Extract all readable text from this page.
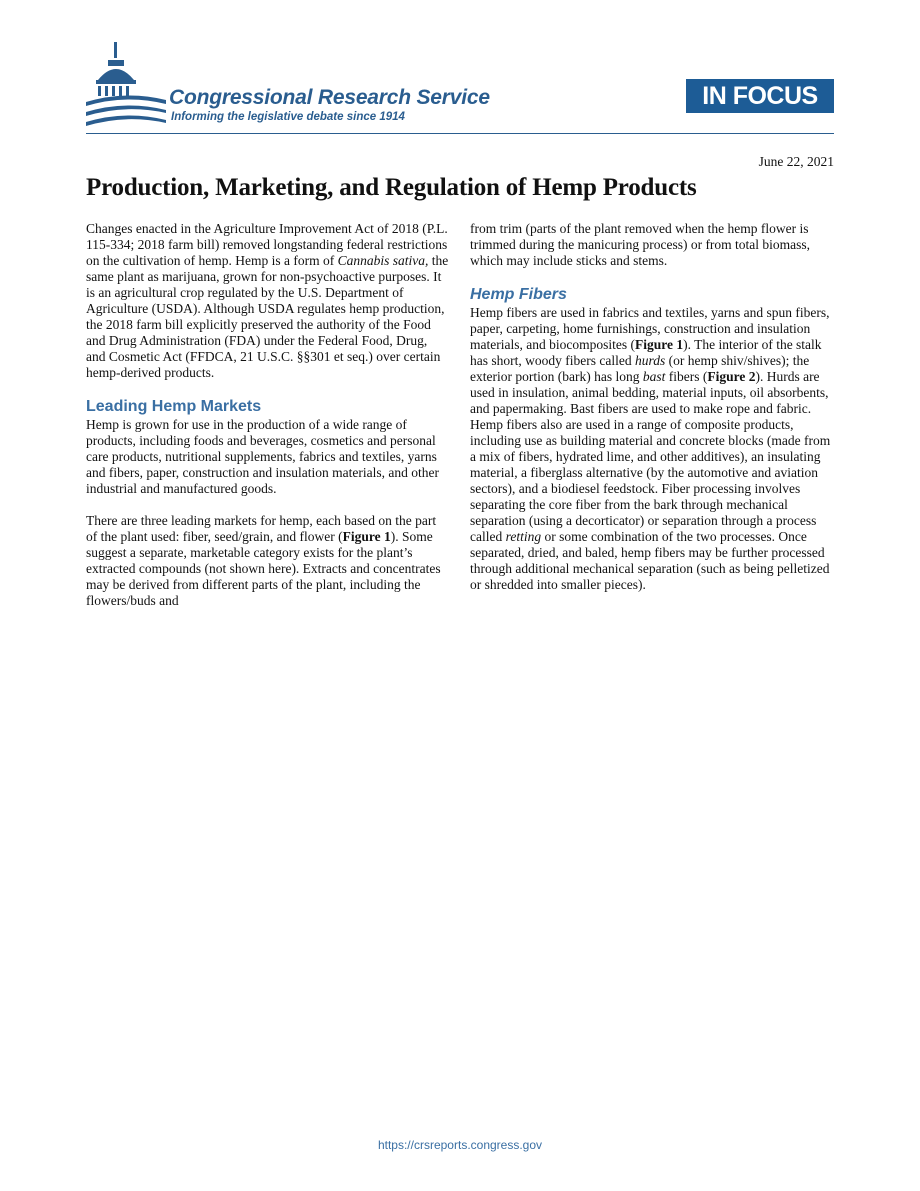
Congressional Research Service
Informing the legislative debate since 1914
IN FOCUS
June 22, 2021
Production, Marketing, and Regulation of Hemp Products

Changes enacted in the Agriculture Improvement Act of 2018 (P.L. 115-334; 2018 farm bill) removed longstanding federal restrictions on the cultivation of hemp. Hemp is a form of Cannabis sativa, the same plant as marijuana, grown for non-psychoactive purposes. It is an agricultural crop regulated by the U.S. Department of Agriculture (USDA). Although USDA regulates hemp production, the 2018 farm bill explicitly preserved the authority of the Food and Drug Administration (FDA) under the Federal Food, Drug, and Cosmetic Act (FFDCA, 21 U.S.C. §§301 et seq.) over certain hemp-derived products.

Leading Hemp Markets

Hemp is grown for use in the production of a wide range of products, including foods and beverages, cosmetics and personal care products, nutritional supplements, fabrics and textiles, yarns and fibers, paper, construction and insulation materials, and other industrial and manufactured goods.

There are three leading markets for hemp, each based on the part of the plant used: fiber, seed/grain, and flower (Figure 1). Some suggest a separate, marketable category exists for the plant’s extracted compounds (not shown here). Extracts and concentrates may be derived from different parts of the plant, including the flowers/buds and

from trim (parts of the plant removed when the hemp flower is trimmed during the manicuring process) or from total biomass, which may include sticks and stems.

Hemp Fibers

Hemp fibers are used in fabrics and textiles, yarns and spun fibers, paper, carpeting, home furnishings, construction and insulation materials, and biocomposites (Figure 1). The interior of the stalk has short, woody fibers called hurds (or hemp shiv/shives); the exterior portion (bark) has long bast fibers (Figure 2). Hurds are used in insulation, animal bedding, material inputs, oil absorbents, and papermaking. Bast fibers are used to make rope and fabric. Hemp fibers also are used in a range of composite products, including use as building material and concrete blocks (made from a mix of fibers, hydrated lime, and other additives), an insulating material, a fiberglass alternative (by the automotive and aviation sectors), and a biodiesel feedstock. Fiber processing involves separating the core fiber from the bark through mechanical separation (using a decorticator) or separation through a process called retting or some combination of the two processes. Once separated, dried, and baled, hemp fibers may be further processed through additional mechanical separation (such as being pelletized or shredded into smaller pieces).

https://crsreports.congress.gov
